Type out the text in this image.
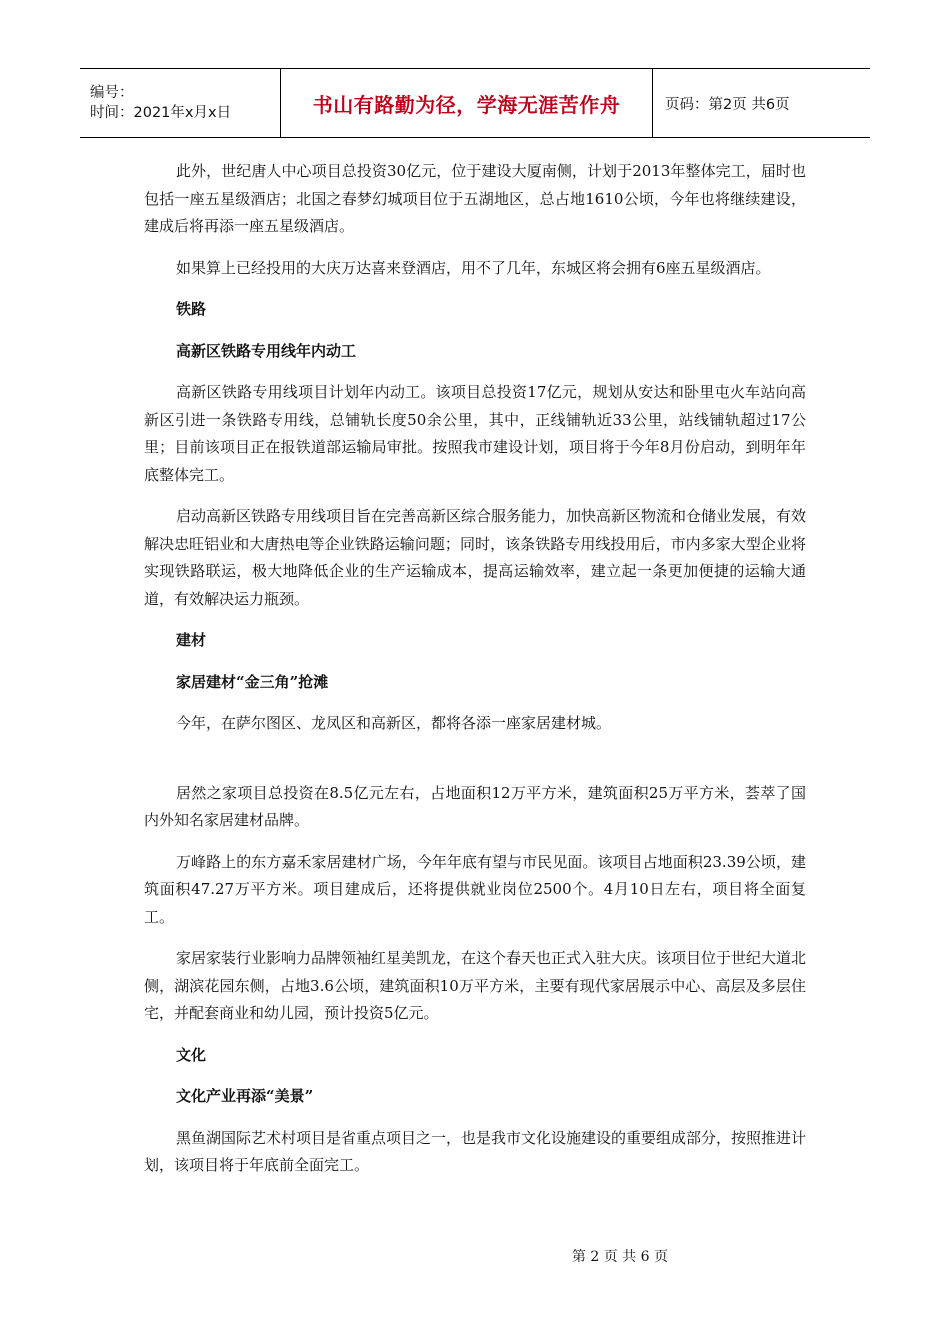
编号：
时间：2021年x月x日	书山有路勤为径，学海无涯苦作舟	页码：第2页 共6页

此外，世纪唐人中心项目总投资30亿元，位于建设大厦南侧，计划于2013年整体完工，届时也包括一座五星级酒店；北国之春梦幻城项目位于五湖地区，总占地1610公顷，今年也将继续建设，建成后将再添一座五星级酒店。

如果算上已经投用的大庆万达喜来登酒店，用不了几年，东城区将会拥有6座五星级酒店。

铁路

高新区铁路专用线年内动工

高新区铁路专用线项目计划年内动工。该项目总投资17亿元，规划从安达和卧里屯火车站向高新区引进一条铁路专用线，总铺轨长度50余公里，其中，正线铺轨近33公里，站线铺轨超过17公里；目前该项目正在报铁道部运输局审批。按照我市建设计划，项目将于今年8月份启动，到明年年底整体完工。

启动高新区铁路专用线项目旨在完善高新区综合服务能力，加快高新区物流和仓储业发展，有效解决忠旺铝业和大唐热电等企业铁路运输问题；同时，该条铁路专用线投用后，市内多家大型企业将实现铁路联运，极大地降低企业的生产运输成本，提高运输效率，建立起一条更加便捷的运输大通道，有效解决运力瓶颈。

建材

家居建材“金三角”抢滩

今年，在萨尔图区、龙凤区和高新区，都将各添一座家居建材城。

居然之家项目总投资在8.5亿元左右，占地面积12万平方米，建筑面积25万平方米，荟萃了国内外知名家居建材品牌。

万峰路上的东方嘉禾家居建材广场，今年年底有望与市民见面。该项目占地面积23.39公顷，建筑面积47.27万平方米。项目建成后，还将提供就业岗位2500个。4月10日左右，项目将全面复工。

家居家装行业影响力品牌领袖红星美凯龙，在这个春天也正式入驻大庆。该项目位于世纪大道北侧，湖滨花园东侧，占地3.6公顷，建筑面积10万平方米，主要有现代家居展示中心、高层及多层住宅，并配套商业和幼儿园，预计投资5亿元。

文化

文化产业再添“美景”

黑鱼湖国际艺术村项目是省重点项目之一，也是我市文化设施建设的重要组成部分，按照推进计划，该项目将于年底前全面完工。

第 2 页 共 6 页
